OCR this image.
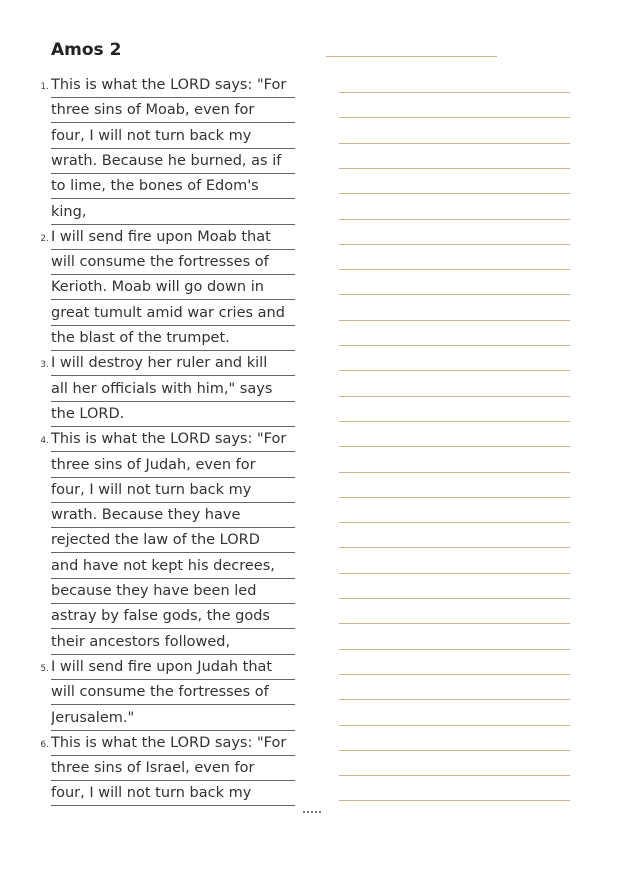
Amos 2
1. This is what the LORD says: "For
three sins of Moab, even for
four, I will not turn back my
wrath. Because he burned, as if
to lime, the bones of Edom's
king,
2. I will send fire upon Moab that
will consume the fortresses of
Kerioth. Moab will go down in
great tumult amid war cries and
the blast of the trumpet.
3. I will destroy her ruler and kill
all her officials with him," says
the LORD.
4. This is what the LORD says: "For
three sins of Judah, even for
four, I will not turn back my
wrath. Because they have
rejected the law of the LORD
and have not kept his decrees,
because they have been led
astray by false gods, the gods
their ancestors followed,
5. I will send fire upon Judah that
will consume the fortresses of
Jerusalem."
6. This is what the LORD says: "For
three sins of Israel, even for
four, I will not turn back my
